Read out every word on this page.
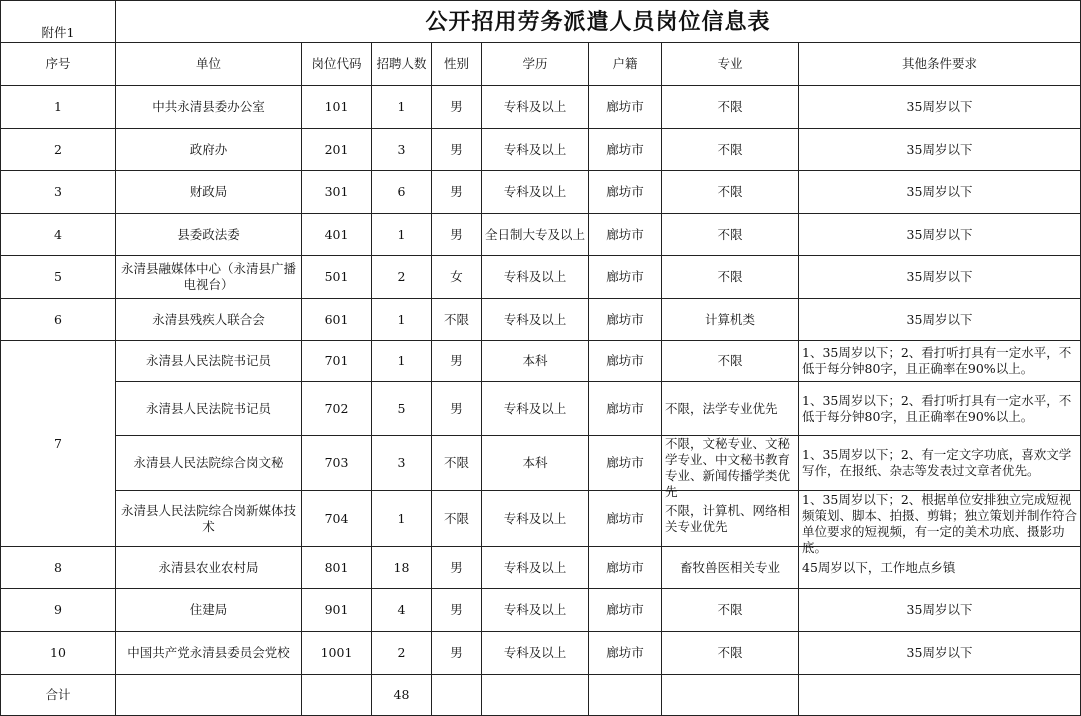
附件1	公开招用劳务派遣人员岗位信息表							
序号	单位	岗位代码	招聘人数	性别	学历	户籍	专业	其他条件要求

1	中共永清县委办公室	101	1	男	专科及以上	廊坊市	不限	35周岁以下

2	政府办	201	3	男	专科及以上	廊坊市	不限	35周岁以下

3	财政局	301	6	男	专科及以上	廊坊市	不限	35周岁以下

4	县委政法委	401	1	男	全日制大专及以上	廊坊市	不限	35周岁以下

5	永清县融媒体中心（永清县广播电视台）	501	2	女	专科及以上	廊坊市	不限	35周岁以下

6	永清县残疾人联合会	601	1	不限	专科及以上	廊坊市	计算机类	35周岁以下

7	永清县人民法院书记员	701	1	男	本科	廊坊市	不限	1、35周岁以下；2、看打听打具有一定水平，不低于每分钟80字，且正确率在90%以上。

	永清县人民法院书记员	702	5	男	专科及以上	廊坊市	不限，法学专业优先	1、35周岁以下；2、看打听打具有一定水平，不低于每分钟80字，且正确率在90%以上。

	永清县人民法院综合岗文秘	703	3	不限	本科	廊坊市	不限，文秘专业、文秘学专业、中文秘书教育专业、新闻传播学类优先	1、35周岁以下；2、有一定文字功底，喜欢文学写作，在报纸、杂志等发表过文章者优先。

	永清县人民法院综合岗新媒体技术	704	1	不限	专科及以上	廊坊市	不限，计算机、网络相关专业优先	1、35周岁以下；2、根据单位安排独立完成短视频策划、脚本、拍摄、剪辑；独立策划并制作符合单位要求的短视频，有一定的美术功底、摄影功底。

8	永清县农业农村局	801	18	男	专科及以上	廊坊市	畜牧兽医相关专业	45周岁以下，工作地点乡镇

9	住建局	901	4	男	专科及以上	廊坊市	不限	35周岁以下

10	中国共产党永清县委员会党校	1001	2	男	专科及以上	廊坊市	不限	35周岁以下

合计			48					
